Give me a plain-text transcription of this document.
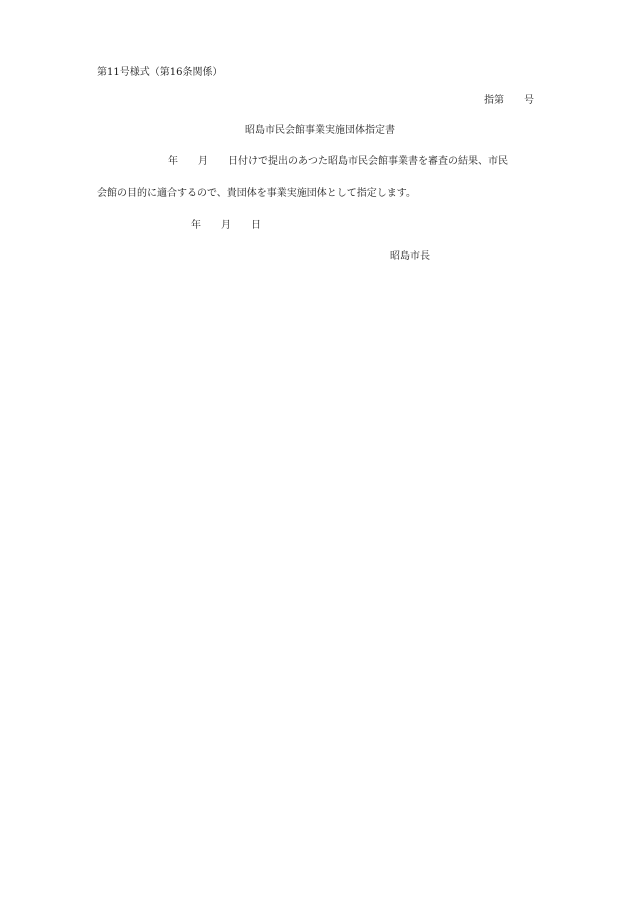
第11号様式（第16条関係）
指第　　号
昭島市民会館事業実施団体指定書
年　　月　　日付けで提出のあつた昭島市民会館事業書を審査の結果、市民
会館の目的に適合するので、貴団体を事業実施団体として指定します。
年　　月　　日
昭島市長
